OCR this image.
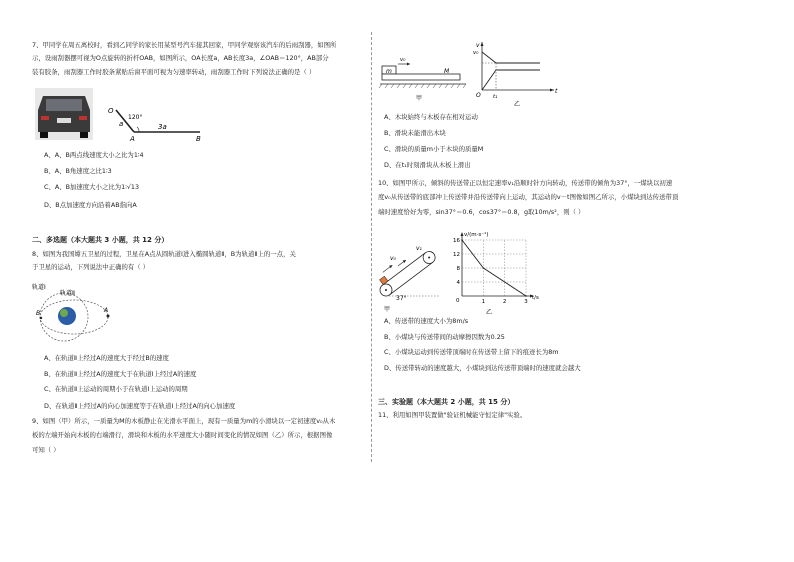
7、甲同学在周五离校时，看到乙同学的家长用某型号汽车接其回家，甲同学观察该汽车的后雨刮器，如图所
示，设雨刮器摆可视为O点旋转的折杆OAB，如图所示，OA长度a，AB长度3a，∠OAB＝120°，AB部分
装有胶条，雨刮器工作时胶条紧贴后窗平面可视为匀速率转动，雨刮器工作时下列说法正确的是（ ）
O
A	B
a
120°
3a
A、A、B两点线速度大小之比为1∶4
B、A、B角速度之比1∶3
C、A、B加速度大小之比为1∶√13
D、B点加速度方向沿着AB指向A
二、多选题（本大题共 3 小题，共 12 分）
8、如图为我国嫦五卫星的过程，卫星在A点从圆轨道Ⅰ进入椭圆轨道Ⅱ，B为轨道Ⅱ上的一点，关
于卫星的运动，下列说法中正确的有（ ）
轨道Ⅰ
轨道Ⅱ
A
B
A、在轨道Ⅱ上经过A的速度大于经过B的速度
B、在轨道Ⅱ上经过A的速度大于在轨道Ⅰ上经过A的速度
C、在轨道Ⅱ上运动的周期小于在轨道Ⅰ上运动的周期
D、在轨道Ⅱ上经过A的向心加速度等于在轨道Ⅰ上经过A的向心加速度
9、如图（甲）所示，一质量为M的木板静止在光滑水平面上，现有一质量为m的小滑块以一定初速度v₀从木
板的左端开始向木板的右端滑行，滑块和木板的水平速度大小随时间变化的情况如图（乙）所示，根据图像
可知（ ）
m	M
v₀
甲
v
v₀
t
O t₁
乙
A、木块始终与木板存在相对运动
B、滑块未能滑出木块
C、滑块的质量m小于木块的质量M
D、在t₁时刻滑块从木板上滑出
10、如图甲所示，倾斜的传送带正以恒定速率v₁沿顺时针方向转动，传送带的倾角为37°，一煤块以初速
度v₀从传送带的底部冲上传送带并沿传送带向上运动，其运动的v－t图像如图乙所示，小煤块到达传送带顶
端时速度恰好为零，sin37°＝0.6，cos37°＝0.8，g取10m/s²，则（ ）
v₀
v₁
37°
甲
16
12
8
4
1	2	3
v/(m·s⁻¹)
t/s
0
乙
A、传送带的速度大小为8m/s
B、小煤块与传送带间的动摩擦因数为0.25
C、小煤块运动到传送带顶端时在传送带上留下的痕迹长为8m
D、传送带转动的速度越大，小煤块到达传送带顶端时的速度就会越大
三、实验题（本大题共 2 小题，共 15 分）
11、利用如图甲装置做"验证机械能守恒定律"实验。
